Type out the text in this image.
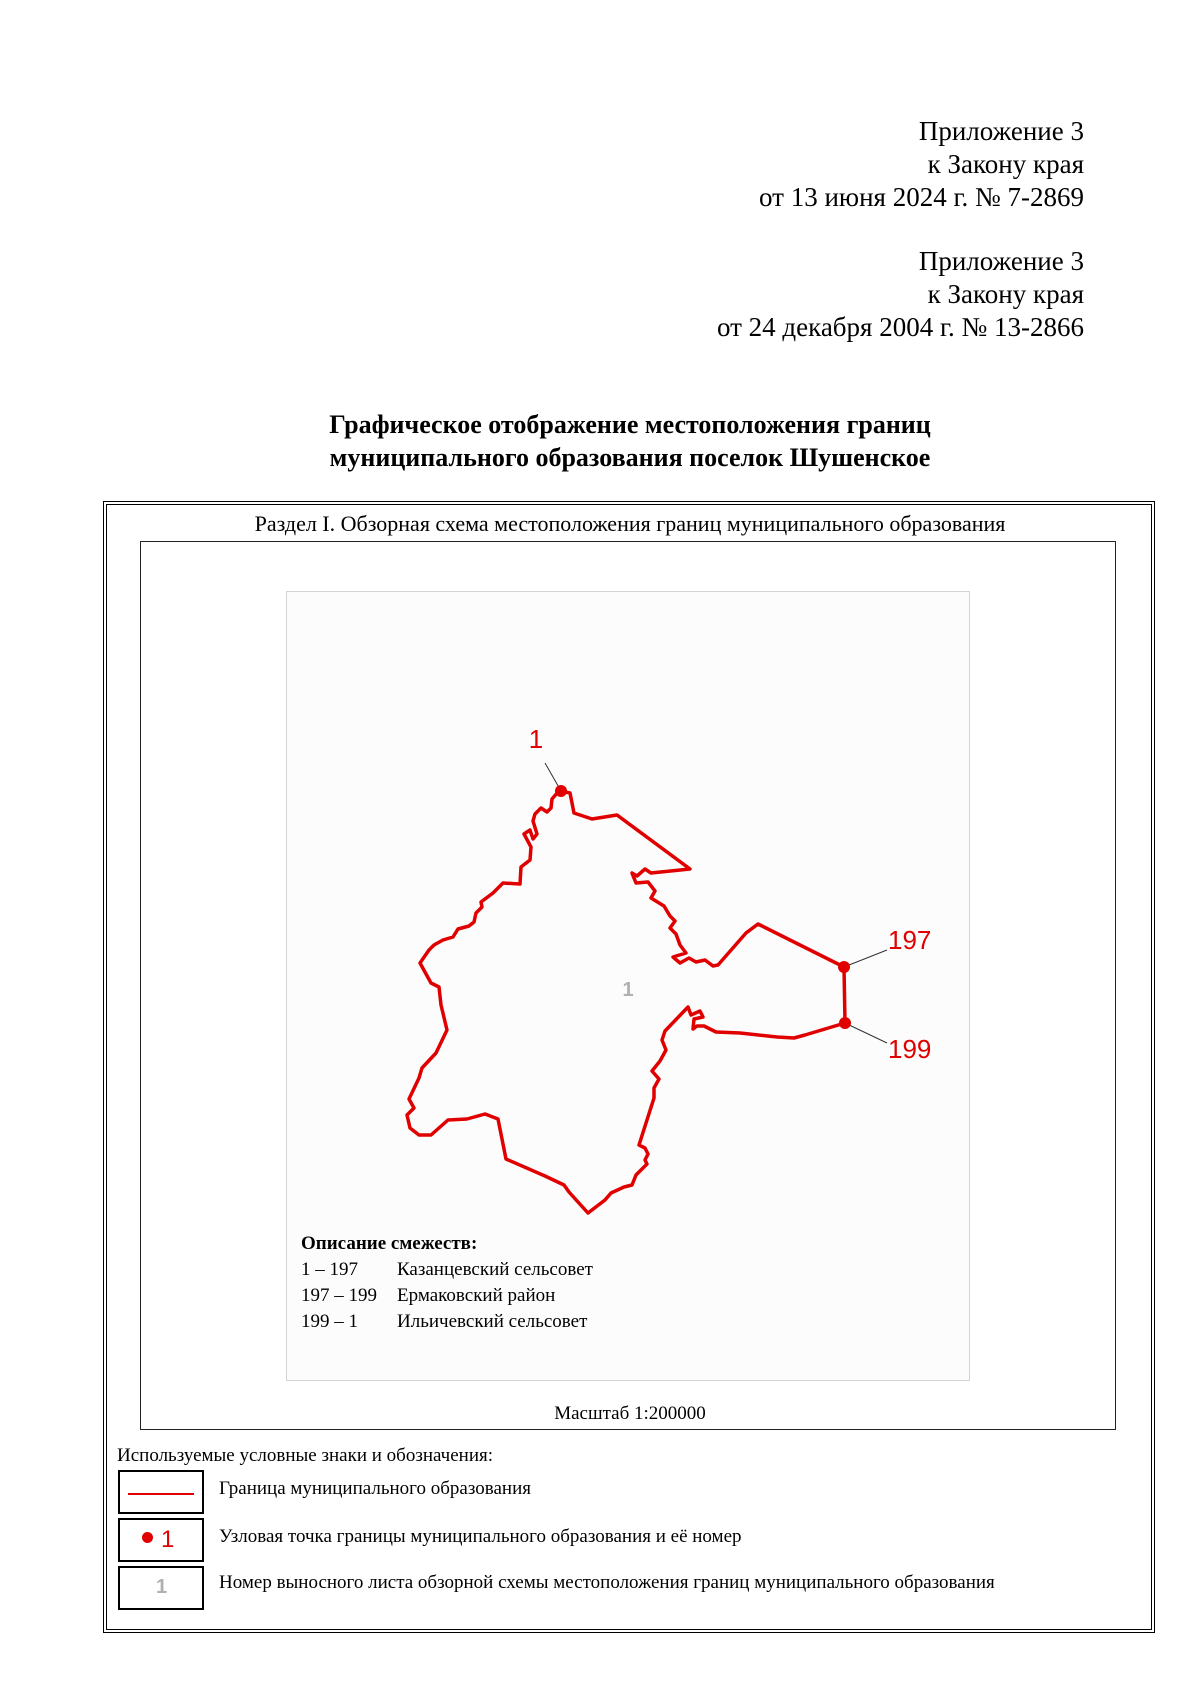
Приложение 3
к Закону края
от 13 июня 2024 г. № 7-2869
Приложение 3
к Закону края
от 24 декабря 2004 г. № 13-2866
Графическое отображение местоположения границ
муниципального образования поселок Шушенское
Раздел I. Обзорная схема местоположения границ муниципального образования
1
197
199
1
Описание смежеств:
1 – 197	Казанцевский сельсовет
197 – 199	Ермаковский район
199 – 1	Ильичевский сельсовет
Масштаб 1:200000
Используемые условные знаки и обозначения:
Граница муниципального образования
1 Узловая точка границы муниципального образования и её номер
1	Номер выносного листа обзорной схемы местоположения границ муниципального образования
